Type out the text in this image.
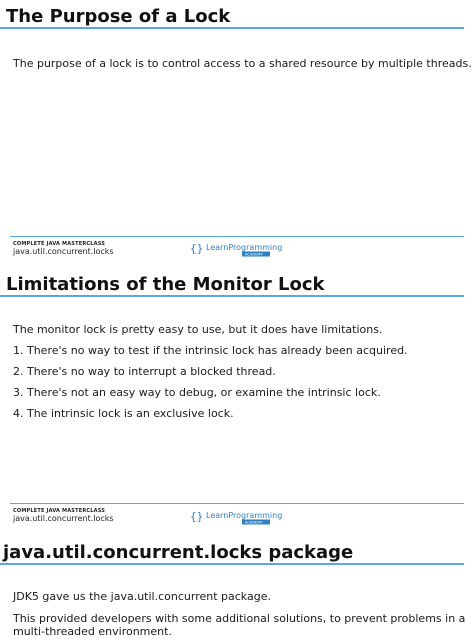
The Purpose of a Lock

The purpose of a lock is to control access to a shared resource by multiple threads.

COMPLETE JAVA MASTERCLASS
java.util.concurrent.locks	{} LearnProgramming
ACADEMY
Limitations of the Monitor Lock

The monitor lock is pretty easy to use, but it does have limitations.

1. There's no way to test if the intrinsic lock has already been acquired.

2. There's no way to interrupt a blocked thread.

3. There's not an easy way to debug, or examine the intrinsic lock.

4. The intrinsic lock is an exclusive lock.

COMPLETE JAVA MASTERCLASS
java.util.concurrent.locks	{} LearnProgramming
ACADEMY
java.util.concurrent.locks package

JDK5 gave us the java.util.concurrent package.

This provided developers with some additional solutions, to prevent problems in a

multi-threaded environment.
